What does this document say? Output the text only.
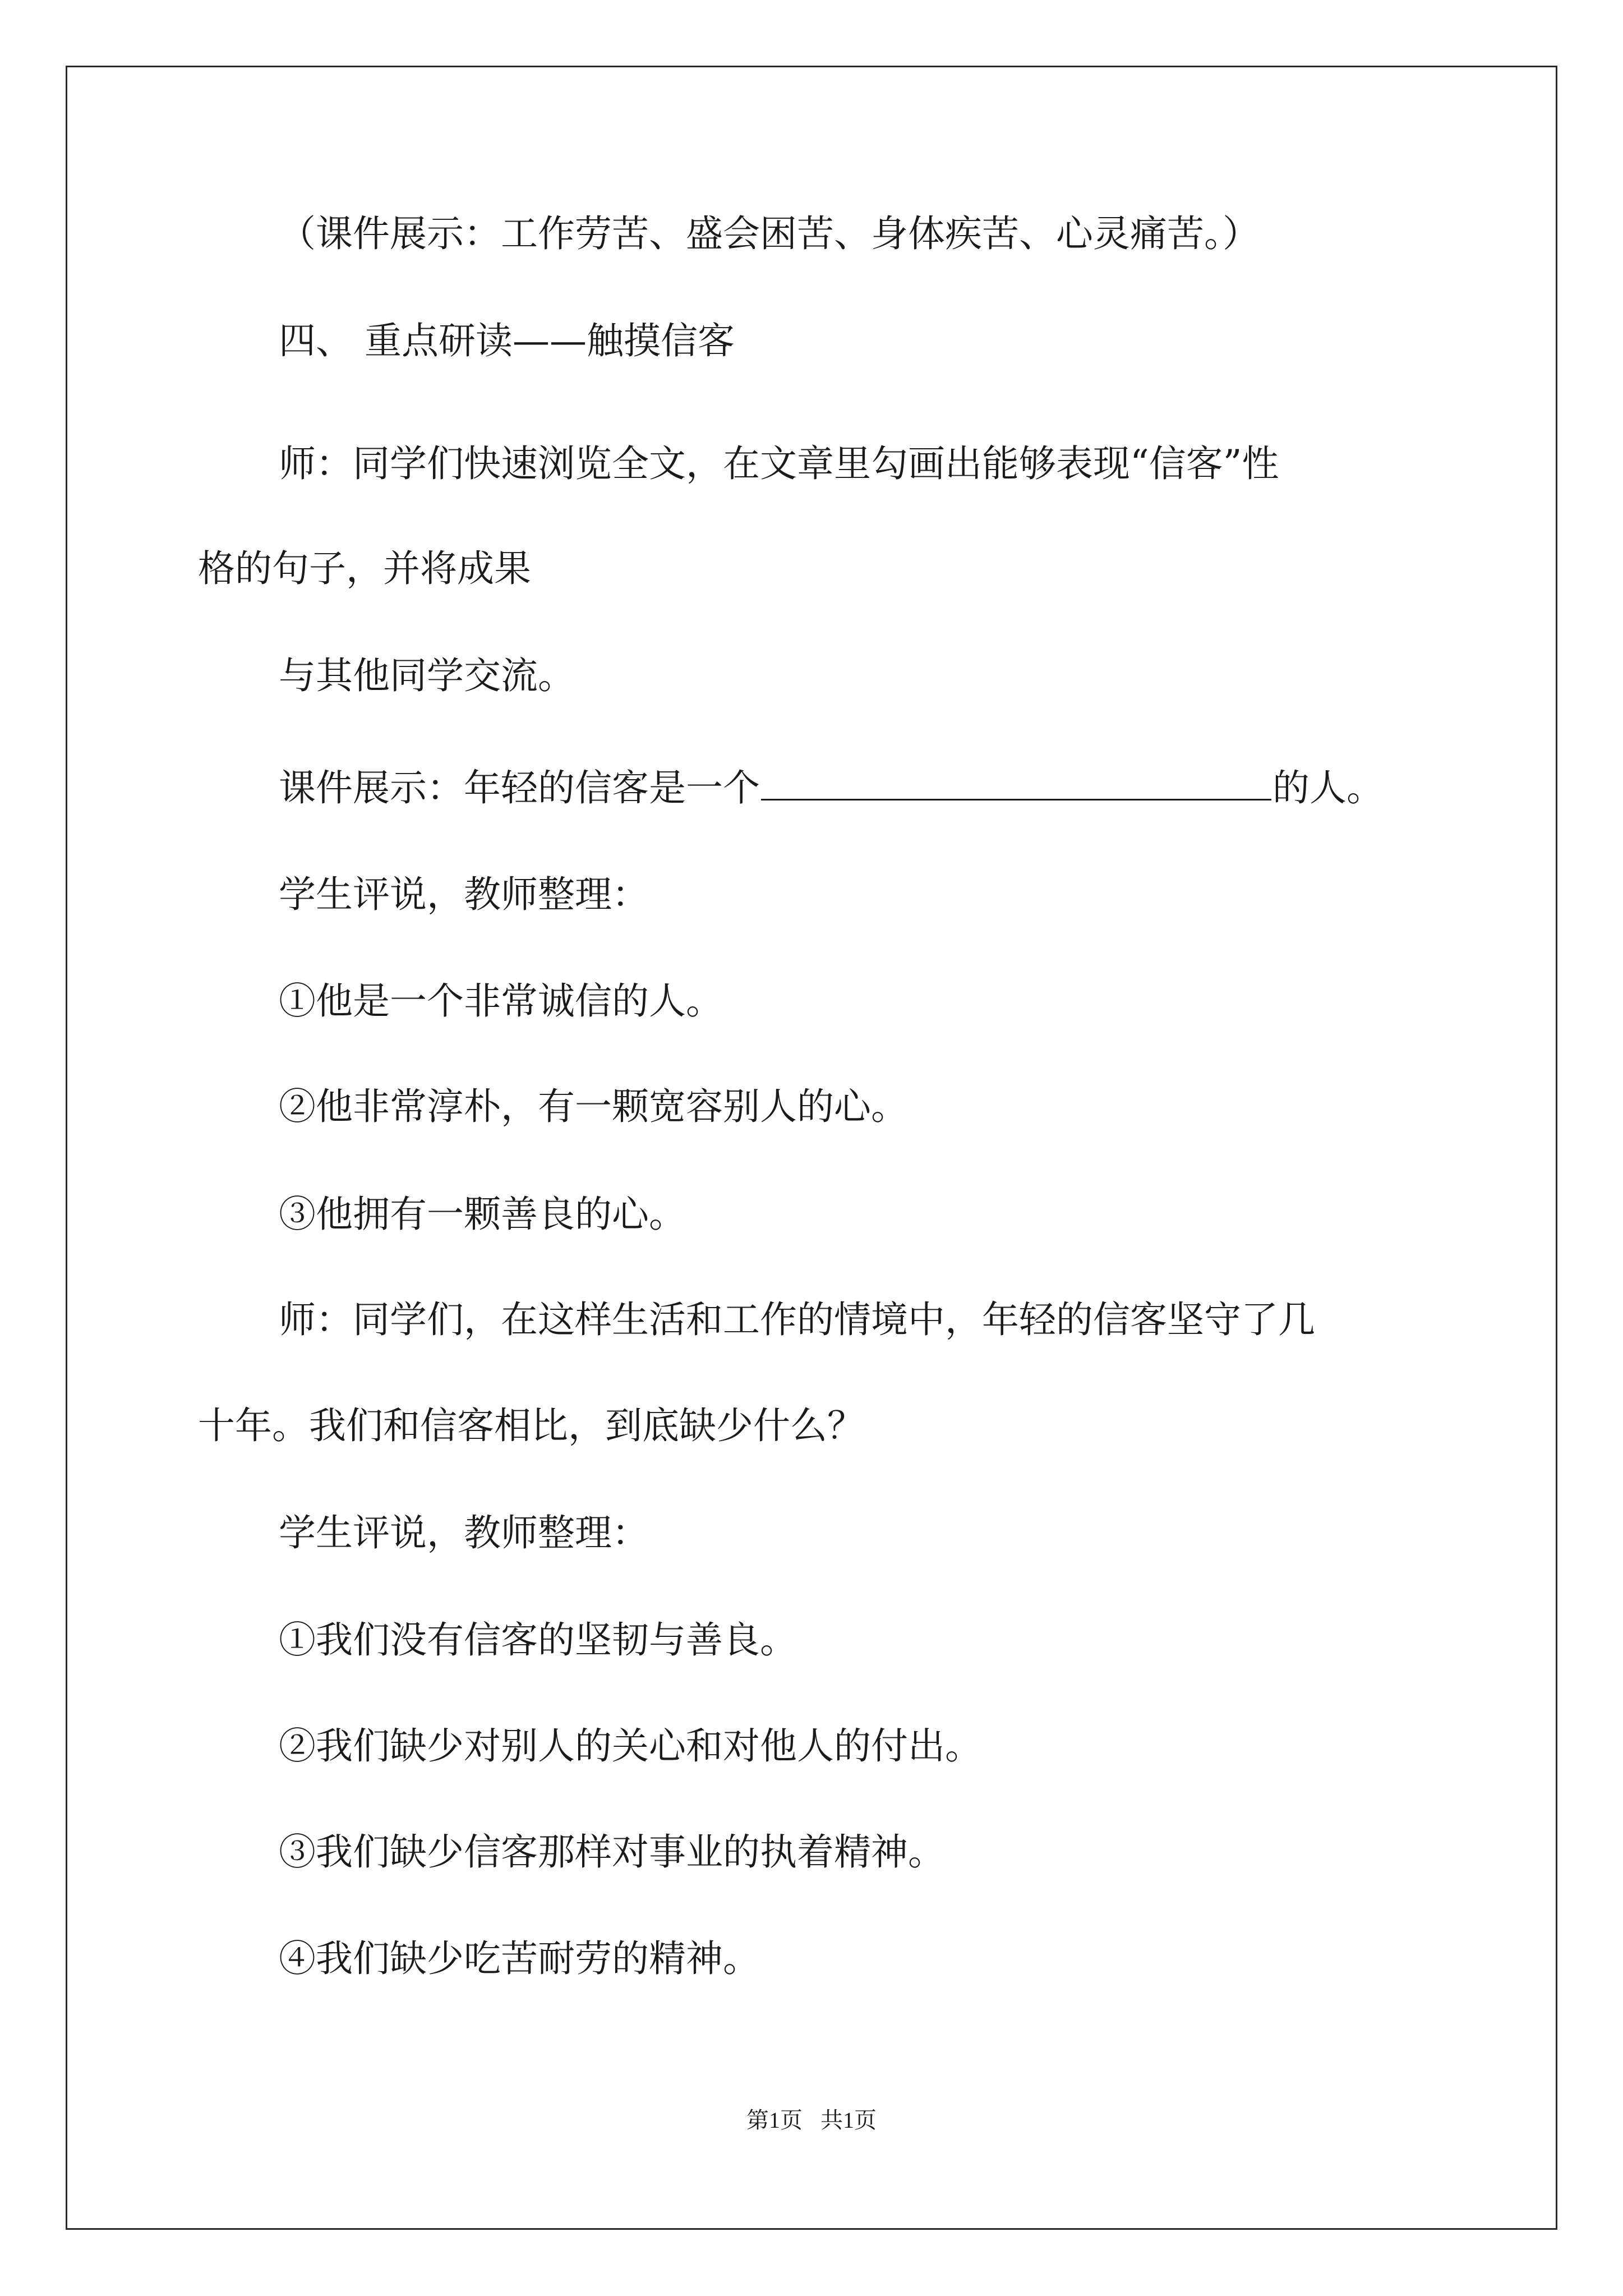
（课件展示：工作劳苦、盛会困苦、身体疾苦、心灵痛苦。）
四、 重点研读——触摸信客
师：同学们快速浏览全文，在文章里勾画出能够表现“信客”性
格的句子，并将成果
与其他同学交流。
课件展示：年轻的信客是一个	的人。
学生评说，教师整理：
①他是一个非常诚信的人。
②他非常淳朴，有一颗宽容别人的心。
③他拥有一颗善良的心。
师：同学们，在这样生活和工作的情境中，年轻的信客坚守了几
十年。我们和信客相比，到底缺少什么？
学生评说，教师整理：
①我们没有信客的坚韧与善良。
②我们缺少对别人的关心和对他人的付出。
③我们缺少信客那样对事业的执着精神。
④我们缺少吃苦耐劳的精神。
第1页 共1页
